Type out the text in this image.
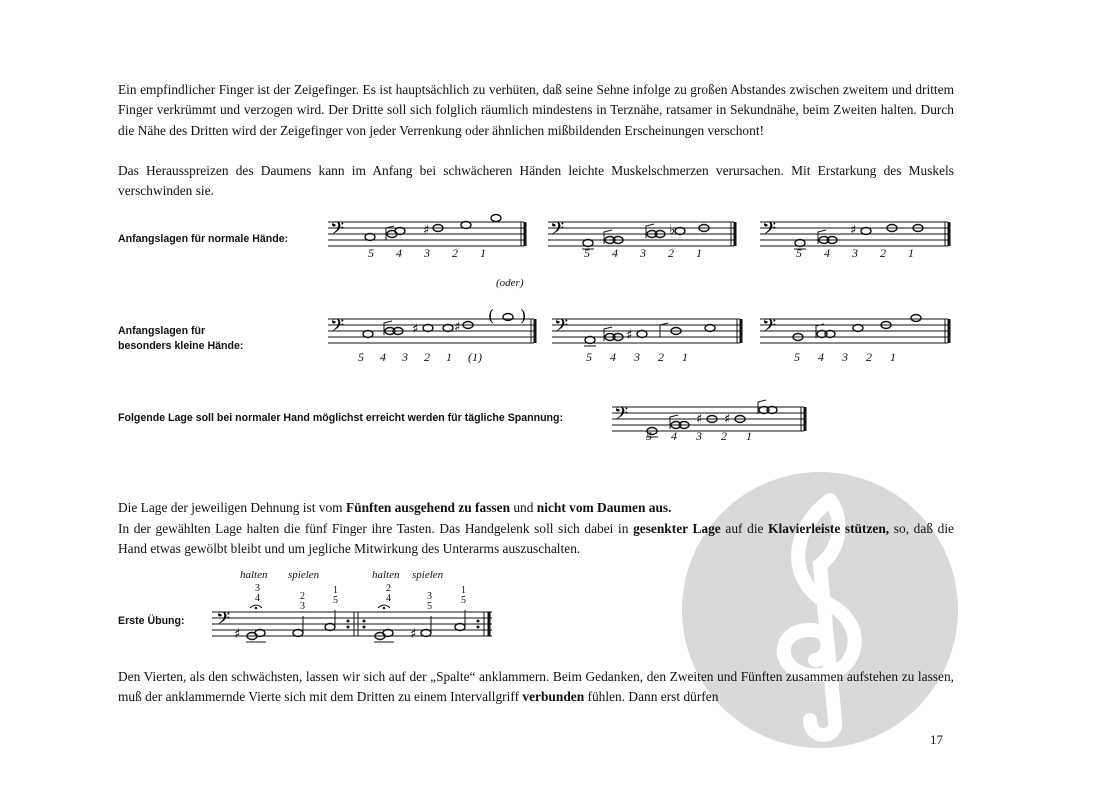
Ein empfindlicher Finger ist der Zeigefinger. Es ist hauptsächlich zu verhüten, daß seine Sehne infolge zu großen Abstandes zwischen zweitem und drittem Finger verkrümmt und verzogen wird. Der Dritte soll sich folglich räumlich mindestens in Terznähe, ratsamer in Sekundnähe, beim Zweiten halten. Durch die Nähe des Dritten wird der Zeigefinger von jeder Verrenkung oder ähnlichen mißbildenden Erscheinungen verschont!

Das Herausspreizen des Daumens kann im Anfang bei schwächeren Händen leichte Muskelschmerzen verursachen. Mit Erstarkung des Muskels verschwinden sie.

Anfangslagen für normale Hände: 𝄢	♯	𝄢	♭	𝄢	♯
5 4 3 2 1	5 4 3 2 1	5 4 3 2 1
(oder)
Anfangslagen für
besonders kleine Hände:
𝄢	♯	♯
( )
𝄢	♯	𝄢
5 4 3 2 1 (1)	5 4 3 2 1	5 4 3 2 1
Folgende Lage soll bei normaler Hand möglichst erreicht werden für tägliche Spannung: 𝄢	♯ ♯
5 4 3 2 1

Die Lage der jeweiligen Dehnung ist vom Fünften ausgehend zu fassen und nicht vom Daumen aus.

In der gewählten Lage halten die fünf Finger ihre Tasten. Das Handgelenk soll sich dabei in gesenkter Lage auf die Klavierleiste stützen, so, daß die Hand etwas gewölbt bleibt und um jegliche Mitwirkung des Unterarms auszuschalten.

Erste Übung:
halten spielen	halten spielen
3
4	2
3
1
5
2
4	3
5
1
5
𝄢
♯	♯

Den Vierten, als den schwächsten, lassen wir sich auf der „Spalte“ anklammern. Beim Gedanken, den Zweiten und Fünften zusammen aufstehen zu lassen, muß der anklammernde Vierte sich mit dem Dritten zu einem Intervallgriff verbunden fühlen. Dann erst dürfen

17
